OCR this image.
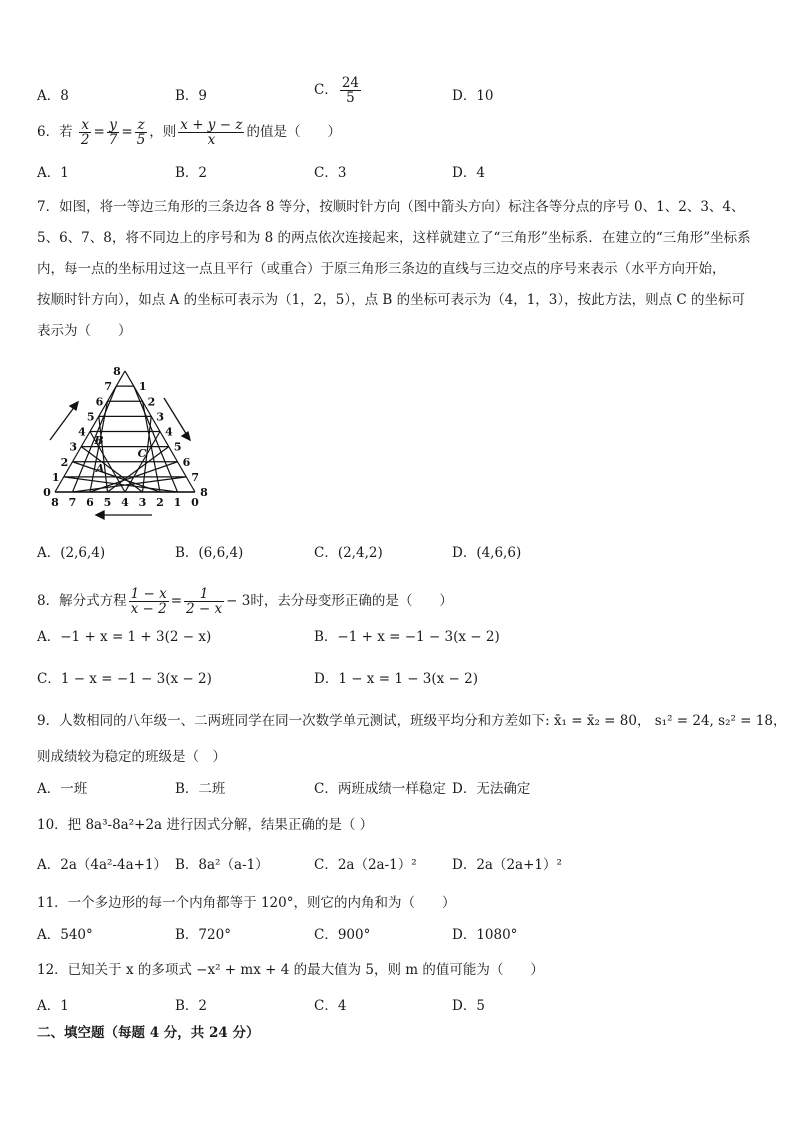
A．8	B．9	C． $\frac{24}{5}$	D．10
6．若 $\frac{x}{2} = \frac{y}{7} = \frac{z}{5}$ ，则 $\frac{x + y - z}{x}$ 的值是（　　）
A．1	B．2	C．3	D．4
7．如图，将一等边三角形的三条边各 8 等分，按顺时针方向（图中箭头方向）标注各等分点的序号 0、1、2、3、4、
5、6、7、8，将不同边上的序号和为 8 的两点依次连接起来，这样就建立了“三角形”坐标系．在建立的“三角形”坐标系
内，每一点的坐标用过这一点且平行（或重合）于原三角形三条边的直线与三边交点的序号来表示（水平方向开始，
按顺时针方向），如点 A 的坐标可表示为（1，2，5），点 B 的坐标可表示为（4，1，3），按此方法，则点 C 的坐标可
表示为（　　）
0
1
2
3
4
5
6
7
8
1
2
3
4
5
6
7
8
8 7 6 5 4 3 2 1 0
B
C
A
A．(2,6,4)	B．(6,6,4)	C．(2,4,2)	D．(4,6,6)
8．解分式方程 $\frac{1 - x}{x - 2} = \frac{1}{2 - x} - 3$时，去分母变形正确的是（　　）
A．−1 + x = 1 + 3(2 − x)	B．−1 + x = −1 − 3(x − 2)
C．1 − x = −1 − 3(x − 2)	D．1 − x = 1 − 3(x − 2)
9．人数相同的八年级一、二两班同学在同一次数学单元测试，班级平均分和方差如下: x̄₁ = x̄₂ = 80， s₁² = 24, s₂² = 18，
则成绩较为稳定的班级是（　）
A．一班	B．二班	C．两班成绩一样稳定 D．无法确定
10．把 8a³-8a²+2a 进行因式分解，结果正确的是（ ）
A．2a（4a²-4a+1） B．8a²（a-1）	C．2a（2a-1）²	D．2a（2a+1）²
11．一个多边形的每一个内角都等于 120°，则它的内角和为（　　）
A．540°	B．720°	C．900°	D．1080°
12．已知关于 x 的多项式 −x² + mx + 4 的最大值为 5，则 m 的值可能为（　　）
A．1	B．2	C．4	D．5
二、填空题（每题 4 分，共 24 分）
